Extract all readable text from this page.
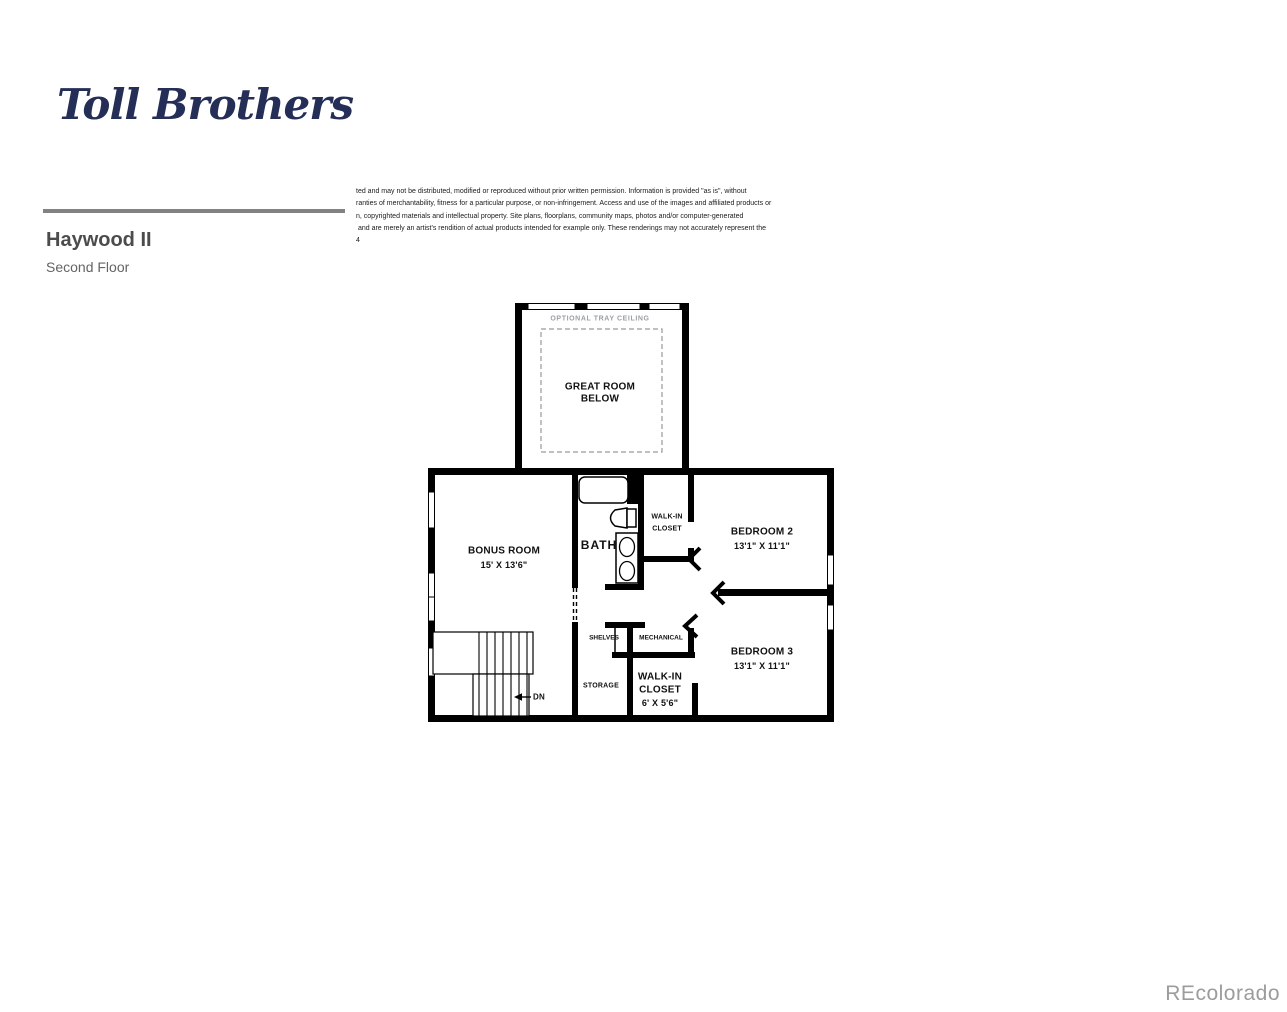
Toll Brothers
Haywood II
Second Floor
ted and may not be distributed, modified or reproduced without prior written permission. Information is provided "as is", without
ranties of merchantability, fitness for a particular purpose, or non-infringement. Access and use of the images and affiliated products or
n, copyrighted materials and intellectual property. Site plans, floorplans, community maps, photos and/or computer-generated
and are merely an artist's rendition of actual products intended for example only. These renderings may not accurately represent the
4
REcolorado
OPTIONAL TRAY CEILING
GREAT ROOM
BELOW
BONUS ROOM
15' X 13'6"
BATH
WALK-IN
CLOSET	BEDROOM 2
13'1" X 11'1"
BEDROOM 3
13'1" X 11'1"
SHELVES	MECHANICAL
STORAGE
WALK-IN
CLOSET
6' X 5'6"
DN
